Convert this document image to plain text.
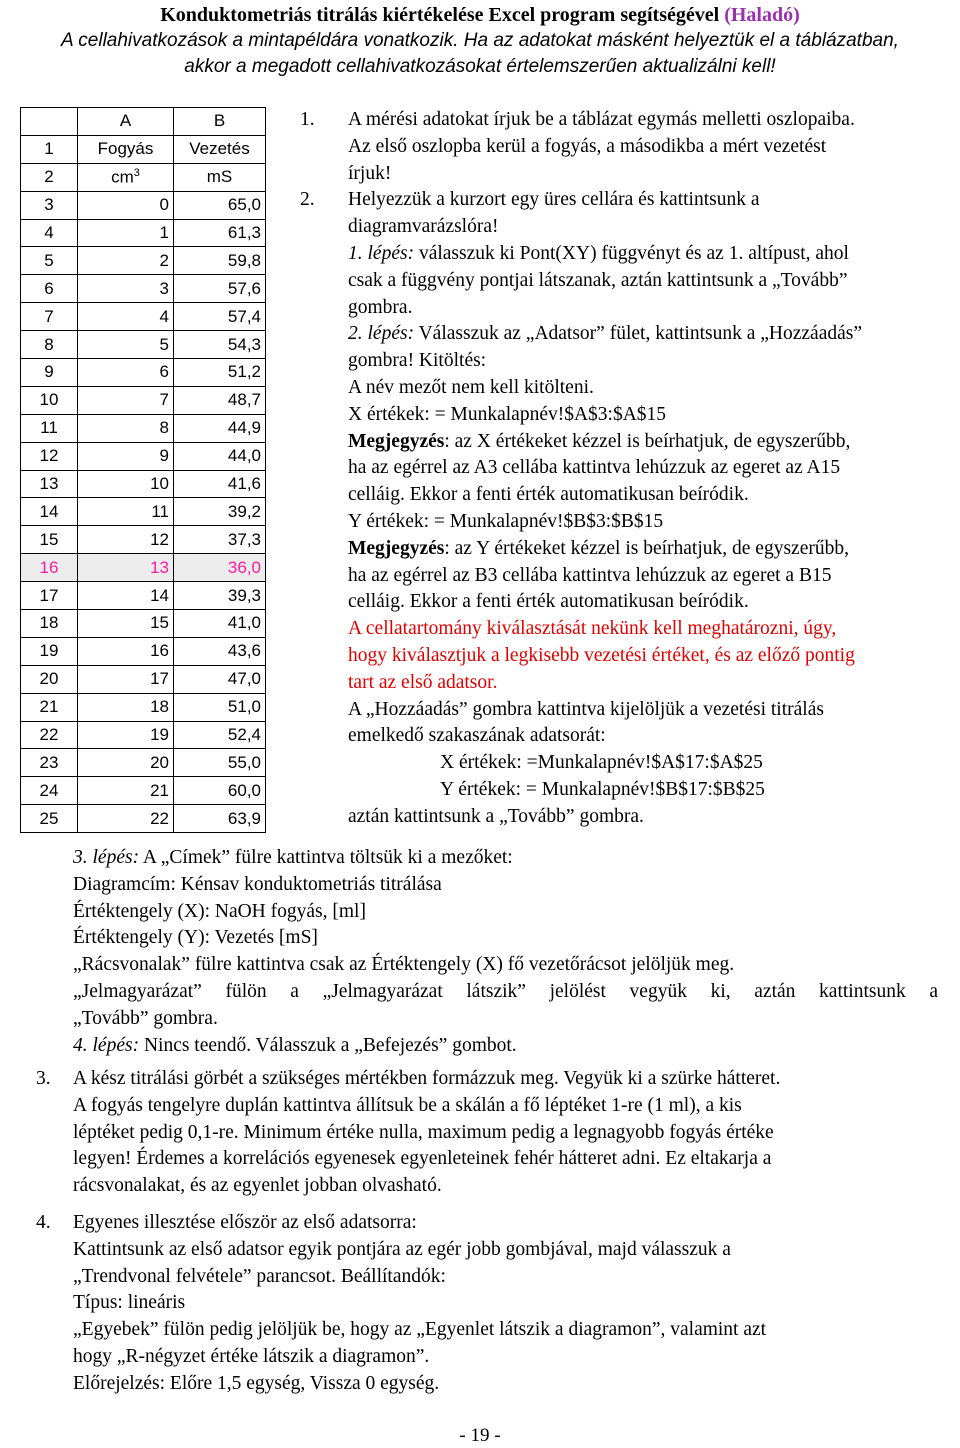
Konduktometriás titrálás kiértékelése Excel program segítségével (Haladó)
A cellahivatkozások a mintapéldára vonatkozik. Ha az adatokat másként helyeztük el a táblázatban,
akkor a megadott cellahivatkozásokat értelemszerűen aktualizálni kell!
	A	B
1	Fogyás	Vezetés
2	$cm^3$	mS
3	0	65,0
4	1	61,3
5	2	59,8
6	3	57,6
7	4	57,4
8	5	54,3
9	6	51,2
10	7	48,7
11	8	44,9
12	9	44,0
13	10	41,6
14	11	39,2
15	12	37,3
16	13	36,0
17	14	39,3
18	15	41,0
19	16	43,6
20	17	47,0
21	18	51,0
22	19	52,4
23	20	55,0
24	21	60,0
25	22	63,9

1. A mérési adatokat írjuk be a táblázat egymás melletti oszlopaiba.

Az első oszlopba kerül a fogyás, a másodikba a mért vezetést

írjuk!

2. Helyezzük a kurzort egy üres cellára és kattintsunk a

diagramvarázslóra!

1. lépés: válasszuk ki Pont(XY) függvényt és az 1. altípust, ahol

csak a függvény pontjai látszanak, aztán kattintsunk a „Tovább”

gombra.

2. lépés: Válasszuk az „Adatsor” fület, kattintsunk a „Hozzáadás”

gombra! Kitöltés:

A név mezőt nem kell kitölteni.

X értékek: = Munkalapnév!$A$3:$A$15

Megjegyzés: az X értékeket kézzel is beírhatjuk, de egyszerűbb,

ha az egérrel az A3 cellába kattintva lehúzzuk az egeret az A15

celláig. Ekkor a fenti érték automatikusan beíródik.

Y értékek: = Munkalapnév!$B$3:$B$15

Megjegyzés: az Y értékeket kézzel is beírhatjuk, de egyszerűbb,

ha az egérrel az B3 cellába kattintva lehúzzuk az egeret a B15

celláig. Ekkor a fenti érték automatikusan beíródik.

A cellatartomány kiválasztását nekünk kell meghatározni, úgy,

hogy kiválasztjuk a legkisebb vezetési értéket, és az előző pontig

tart az első adatsor.

A „Hozzáadás” gombra kattintva kijelöljük a vezetési titrálás

emelkedő szakaszának adatsorát:

X értékek: =Munkalapnév!$A$17:$A$25

Y értékek: = Munkalapnév!$B$17:$B$25

aztán kattintsunk a „Tovább” gombra.

3. lépés: A „Címek” fülre kattintva töltsük ki a mezőket:

Diagramcím: Kénsav konduktometriás titrálása

Értéktengely (X): NaOH fogyás, [ml]

Értéktengely (Y): Vezetés [mS]

„Rácsvonalak” fülre kattintva csak az Értéktengely (X) fő vezetőrácsot jelöljük meg.

„Jelmagyarázat” fülön a „Jelmagyarázat látszik” jelölést vegyük ki, aztán kattintsunk a

„Tovább” gombra.

4. lépés: Nincs teendő. Válasszuk a „Befejezés” gombot.

3.	A kész titrálási görbét a szükséges mértékben formázzuk meg. Vegyük ki a szürke hátteret.

A fogyás tengelyre duplán kattintva állítsuk be a skálán a fő léptéket 1-re (1 ml), a kis

léptéket pedig 0,1-re. Minimum értéke nulla, maximum pedig a legnagyobb fogyás értéke

legyen! Érdemes a korrelációs egyenesek egyenleteinek fehér hátteret adni. Ez eltakarja a

rácsvonalakat, és az egyenlet jobban olvasható.

4.	Egyenes illesztése először az első adatsorra:

Kattintsunk az első adatsor egyik pontjára az egér jobb gombjával, majd válasszuk a

„Trendvonal felvétele” parancsot. Beállítandók:

Típus: lineáris

„Egyebek” fülön pedig jelöljük be, hogy az „Egyenlet látszik a diagramon”, valamint azt

hogy „R-négyzet értéke látszik a diagramon”.

Előrejelzés: Előre 1,5 egység, Vissza 0 egység.

- 19 -
